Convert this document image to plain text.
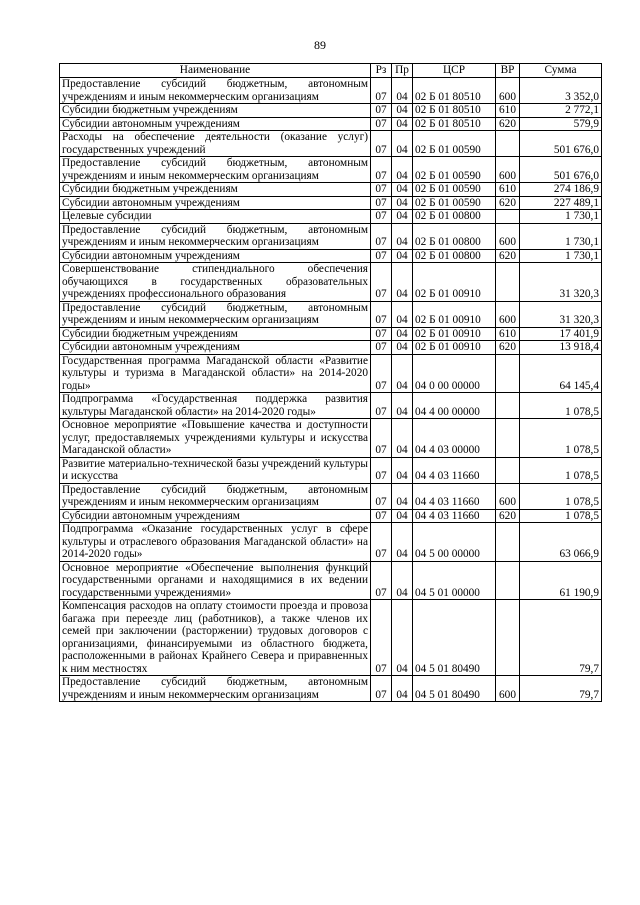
89
Наименование	Рз	Пр	ЦСР	ВР	Сумма
Предоставление субсидий бюджетным, автономным учреждениям и иным некоммерческим организациям	07	04	02 Б 01 80510	600	3 352,0
Субсидии бюджетным учреждениям	07	04	02 Б 01 80510	610	2 772,1
Субсидии автономным учреждениям	07	04	02 Б 01 80510	620	579,9
Расходы на обеспечение деятельности (оказание услуг) государственных учреждений	07	04	02 Б 01 00590		501 676,0
Предоставление субсидий бюджетным, автономным учреждениям и иным некоммерческим организациям	07	04	02 Б 01 00590	600	501 676,0
Субсидии бюджетным учреждениям	07	04	02 Б 01 00590	610	274 186,9
Субсидии автономным учреждениям	07	04	02 Б 01 00590	620	227 489,1
Целевые субсидии	07	04	02 Б 01 00800		1 730,1
Предоставление субсидий бюджетным, автономным учреждениям и иным некоммерческим организациям	07	04	02 Б 01 00800	600	1 730,1
Субсидии автономным учреждениям	07	04	02 Б 01 00800	620	1 730,1
Совершенствование стипендиального обеспечения обучающихся в государственных образовательных учреждениях профессионального образования	07	04	02 Б 01 00910		31 320,3
Предоставление субсидий бюджетным, автономным учреждениям и иным некоммерческим организациям	07	04	02 Б 01 00910	600	31 320,3
Субсидии бюджетным учреждениям	07	04	02 Б 01 00910	610	17 401,9
Субсидии автономным учреждениям	07	04	02 Б 01 00910	620	13 918,4
Государственная программа Магаданской области «Развитие культуры и туризма в Магаданской области» на 2014-2020 годы»	07	04	04 0 00 00000		64 145,4
Подпрограмма «Государственная поддержка развития культуры Магаданской области» на 2014-2020 годы»	07	04	04 4 00 00000		1 078,5
Основное мероприятие «Повышение качества и доступности услуг, предоставляемых учреждениями культуры и искусства Магаданской области»	07	04	04 4 03 00000		1 078,5
Развитие материально-технической базы учреждений культуры и искусства	07	04	04 4 03 11660		1 078,5
Предоставление субсидий бюджетным, автономным учреждениям и иным некоммерческим организациям	07	04	04 4 03 11660	600	1 078,5
Субсидии автономным учреждениям	07	04	04 4 03 11660	620	1 078,5
Подпрограмма «Оказание государственных услуг в сфере культуры и отраслевого образования Магаданской области» на 2014-2020 годы»	07	04	04 5 00 00000		63 066,9
Основное мероприятие «Обеспечение выполнения функций государственными органами и находящимися в их ведении государственными учреждениями»	07	04	04 5 01 00000		61 190,9
Компенсация расходов на оплату стоимости проезда и провоза багажа при переезде лиц (работников), а также членов их семей при заключении (расторжении) трудовых договоров с организациями, финансируемыми из областного бюджета, расположенными в районах Крайнего Севера и приравненных к ним местностях	07	04	04 5 01 80490		79,7
Предоставление субсидий бюджетным, автономным учреждениям и иным некоммерческим организациям	07	04	04 5 01 80490	600	79,7
